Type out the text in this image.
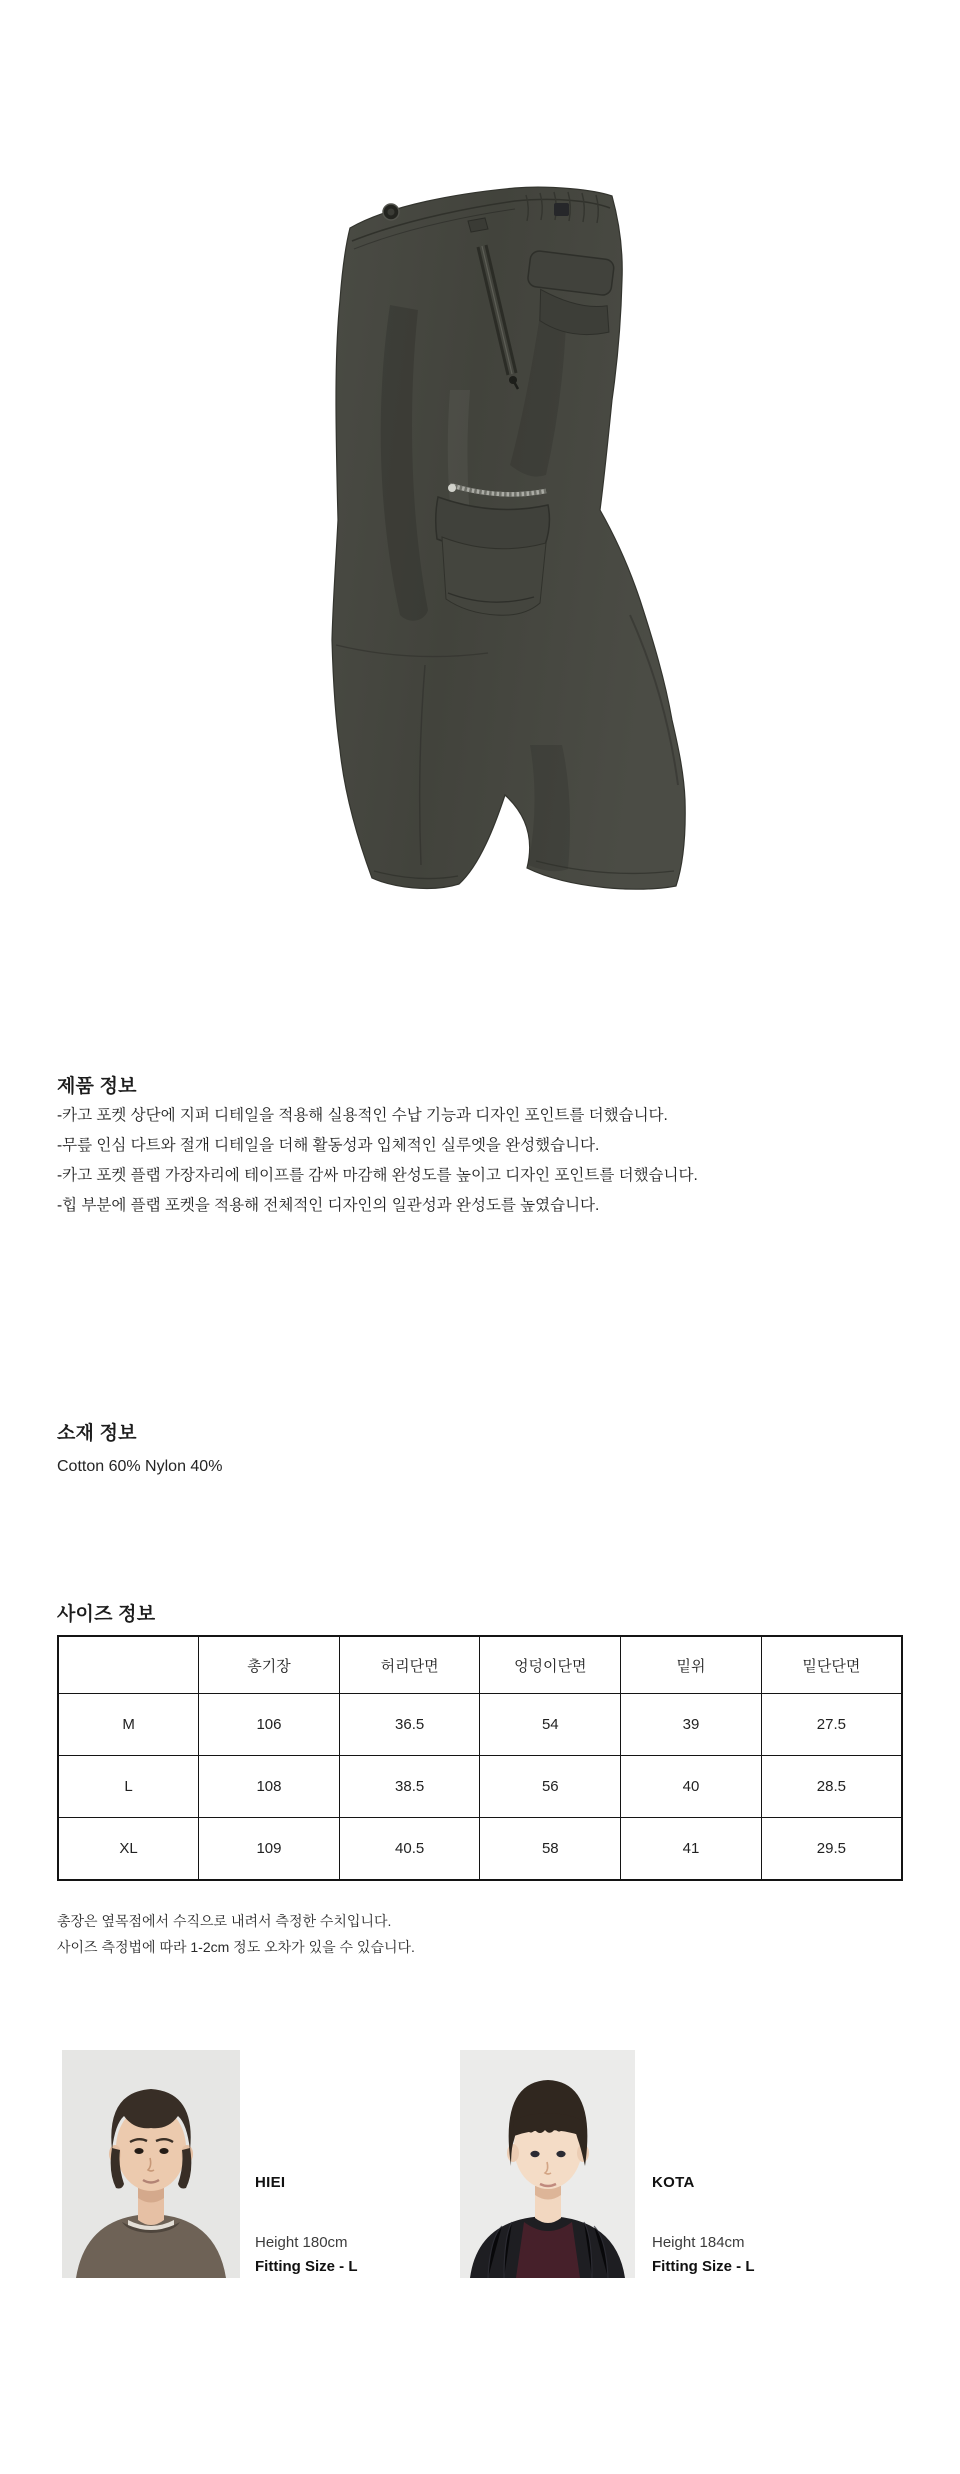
제품 정보

-카고 포켓 상단에 지퍼 디테일을 적용해 실용적인 수납 기능과 디자인 포인트를 더했습니다.

-무릎 인심 다트와 절개 디테일을 더해 활동성과 입체적인 실루엣을 완성했습니다.

-카고 포켓 플랩 가장자리에 테이프를 감싸 마감해 완성도를 높이고 디자인 포인트를 더했습니다.

-힙 부분에 플랩 포켓을 적용해 전체적인 디자인의 일관성과 완성도를 높였습니다.

소재 정보

Cotton 60% Nylon 40%

사이즈 정보
	총기장	허리단면	엉덩이단면	밑위	밑단단면
M	106	36.5	54	39	27.5
L	108	38.5	56	40	28.5
XL	109	40.5	58	41	29.5

총장은 옆목점에서 수직으로 내려서 측정한 수치입니다.

사이즈 측정법에 따라 1-2cm 정도 오차가 있을 수 있습니다.

HIEI
Height 180cm
Fitting Size - L
KOTA
Height 184cm
Fitting Size - L
